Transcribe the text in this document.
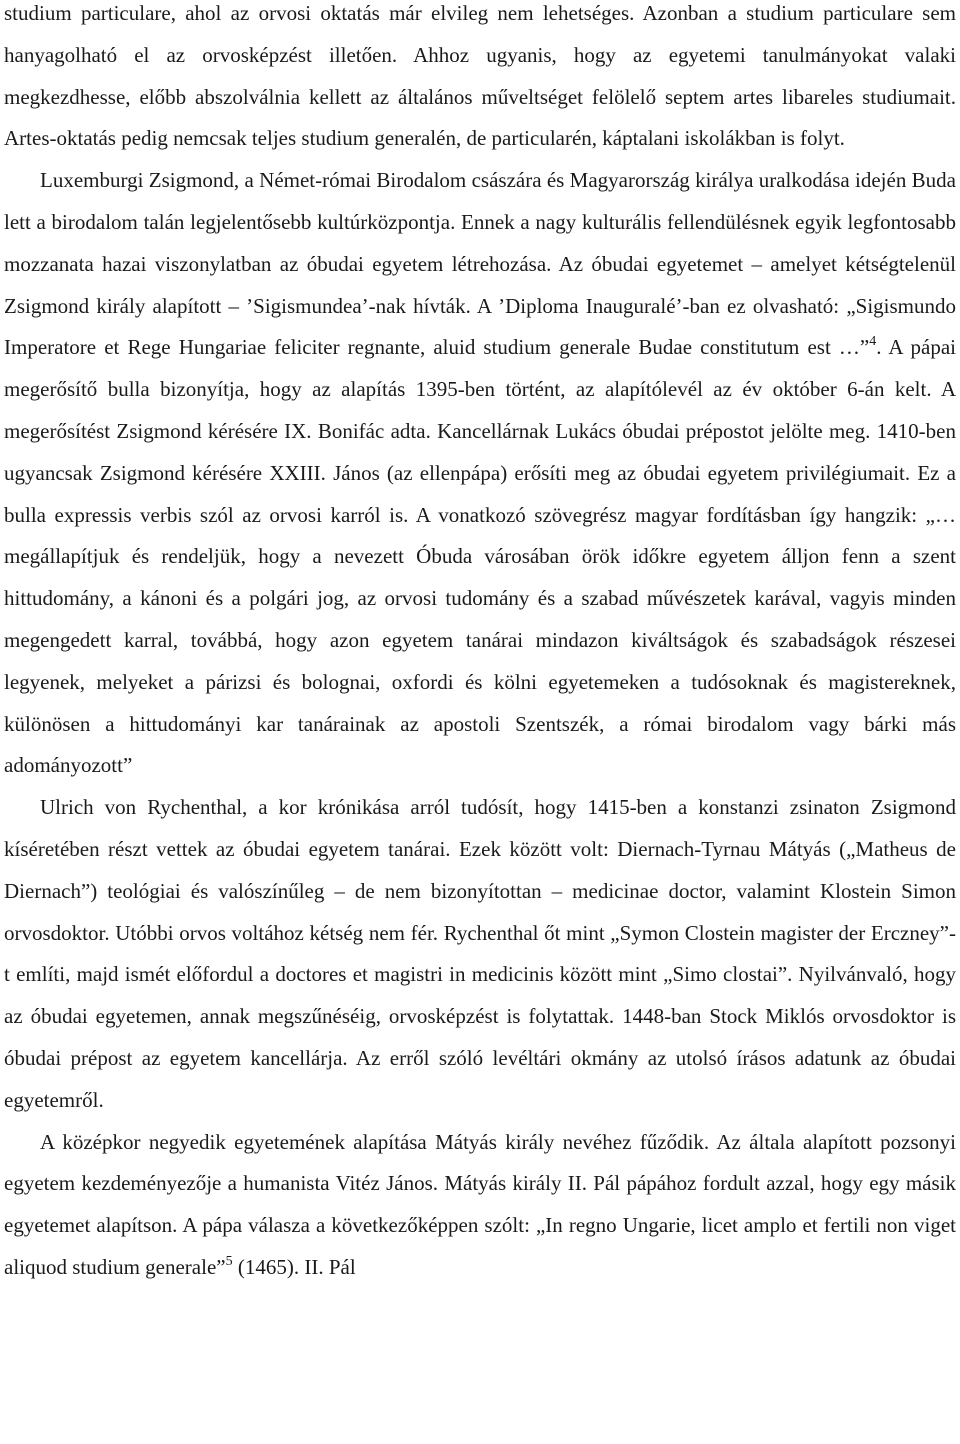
studium particulare, ahol az orvosi oktatás már elvileg nem lehetséges. Azonban a studium particulare sem hanyagolható el az orvosképzést illetően. Ahhoz ugyanis, hogy az egyetemi tanulmányokat valaki megkezdhesse, előbb abszolválnia kellett az általános műveltséget felölelő septem artes libareles studiumait. Artes-oktatás pedig nemcsak teljes studium generalén, de particularén, káptalani iskolákban is folyt.

Luxemburgi Zsigmond, a Német-római Birodalom császára és Magyarország királya uralkodása idején Buda lett a birodalom talán legjelentősebb kultúrközpontja. Ennek a nagy kulturális fellendülésnek egyik legfontosabb mozzanata hazai viszonylatban az óbudai egyetem létrehozása. Az óbudai egyetemet – amelyet kétségtelenül Zsigmond király alapított – ’Sigismundea’-nak hívták. A ’Diploma Inauguralé’-ban ez olvasható: „Sigismundo Imperatore et Rege Hungariae feliciter regnante, aluid studium generale Budae constitutum est …”$^4$. A pápai megerősítő bulla bizonyítja, hogy az alapítás 1395-ben történt, az alapítólevél az év október 6-án kelt. A megerősítést Zsigmond kérésére IX. Bonifác adta. Kancellárnak Lukács óbudai prépostot jelölte meg. 1410-ben ugyancsak Zsigmond kérésére XXIII. János (az ellenpápa) erősíti meg az óbudai egyetem privilégiumait. Ez a bulla expressis verbis szól az orvosi karról is. A vonatkozó szövegrész magyar fordításban így hangzik: „…megállapítjuk és rendeljük, hogy a nevezett Óbuda városában örök időkre egyetem álljon fenn a szent hittudomány, a kánoni és a polgári jog, az orvosi tudomány és a szabad művészetek karával, vagyis minden megengedett karral, továbbá, hogy azon egyetem tanárai mindazon kiváltságok és szabadságok részesei legyenek, melyeket a párizsi és bolognai, oxfordi és kölni egyetemeken a tudósoknak és magistereknek, különösen a hittudományi kar tanárainak az apostoli Szentszék, a római birodalom vagy bárki más adományozott”

Ulrich von Rychenthal, a kor krónikása arról tudósít, hogy 1415-ben a konstanzi zsinaton Zsigmond kíséretében részt vettek az óbudai egyetem tanárai. Ezek között volt: Diernach-Tyrnau Mátyás („Matheus de Diernach”) teológiai és valószínűleg – de nem bizonyítottan – medicinae doctor, valamint Klostein Simon orvosdoktor. Utóbbi orvos voltához kétség nem fér. Rychenthal őt mint „Symon Clostein magister der Erczney”-t említi, majd ismét előfordul a doctores et magistri in medicinis között mint „Simo clostai”. Nyilvánvaló, hogy az óbudai egyetemen, annak megszűnéséig, orvosképzést is folytattak. 1448-ban Stock Miklós orvosdoktor is óbudai prépost az egyetem kancellárja. Az erről szóló levéltári okmány az utolsó írásos adatunk az óbudai egyetemről.

A középkor negyedik egyetemének alapítása Mátyás király nevéhez fűződik. Az általa alapított pozsonyi egyetem kezdeményezője a humanista Vitéz János. Mátyás király II. Pál pápához fordult azzal, hogy egy másik egyetemet alapítson. A pápa válasza a következőképpen szólt: „In regno Ungarie, licet amplo et fertili non viget aliquod studium generale”$^5$ (1465). II. Pál
